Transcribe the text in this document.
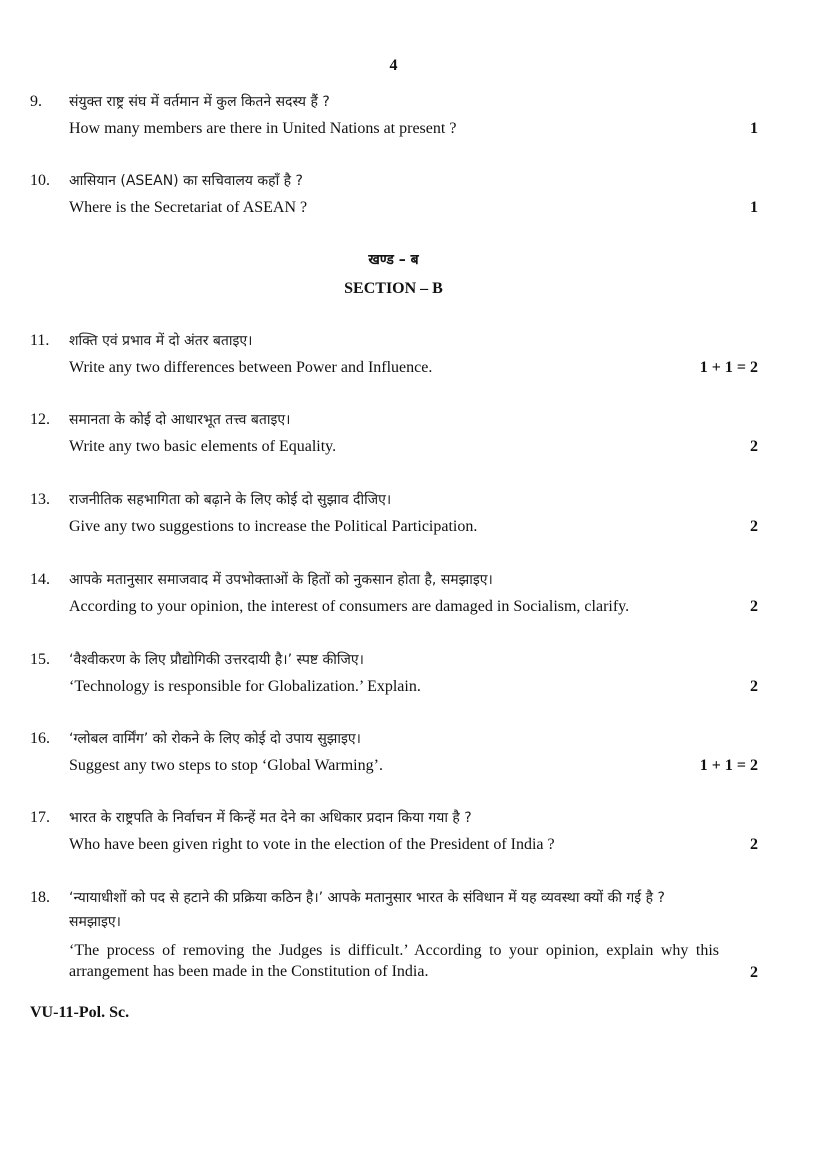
4
9. संयुक्त राष्ट्र संघ में वर्तमान में कुल कितने सदस्य हैं ?
How many members are there in United Nations at present ?	1
10. आसियान (ASEAN) का सचिवालय कहाँ है ?
Where is the Secretariat of ASEAN ?	1
खण्ड – ब
SECTION – B
11. शक्ति एवं प्रभाव में दो अंतर बताइए।
Write any two differences between Power and Influence.	1 + 1 = 2
12. समानता के कोई दो आधारभूत तत्त्व बताइए।
Write any two basic elements of Equality.	2
13. राजनीतिक सहभागिता को बढ़ाने के लिए कोई दो सुझाव दीजिए।
Give any two suggestions to increase the Political Participation.	2
14. आपके मतानुसार समाजवाद में उपभोक्ताओं के हितों को नुकसान होता है, समझाइए।
According to your opinion, the interest of consumers are damaged in Socialism, clarify.	2
15. ‘वैश्वीकरण के लिए प्रौद्योगिकी उत्तरदायी है।’ स्पष्ट कीजिए।
‘Technology is responsible for Globalization.’ Explain.	2
16. ‘ग्लोबल वार्मिंग’ को रोकने के लिए कोई दो उपाय सुझाइए।
Suggest any two steps to stop ‘Global Warming’.	1 + 1 = 2
17. भारत के राष्ट्रपति के निर्वाचन में किन्हें मत देने का अधिकार प्रदान किया गया है ?
Who have been given right to vote in the election of the President of India ?	2
18. ‘न्यायाधीशों को पद से हटाने की प्रक्रिया कठिन है।’ आपके मतानुसार भारत के संविधान में यह व्यवस्था क्यों की गई है ? समझाइए।
‘The process of removing the Judges is difficult.’ According to your opinion, explain why this arrangement has been made in the Constitution of India.	2
VU-11-Pol. Sc.
